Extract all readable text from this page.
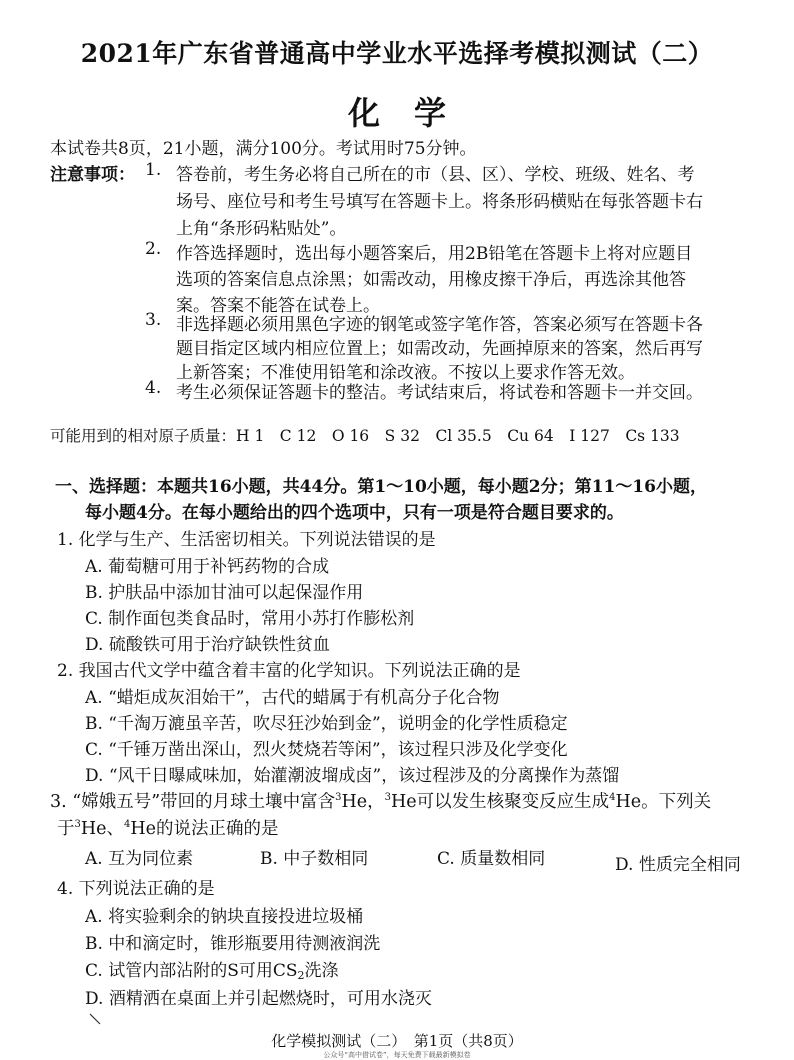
2021年广东省普通高中学业水平选择考模拟测试（二）
化学
本试卷共8页，21小题，满分100分。考试用时75分钟。
注意事项： 1. 答卷前，考生务必将自己所在的市（县、区）、学校、班级、姓名、考
场号、座位号和考生号填写在答题卡上。将条形码横贴在每张答题卡右
上角“条形码粘贴处”。
2. 作答选择题时，选出每小题答案后，用2B铅笔在答题卡上将对应题目
选项的答案信息点涂黑；如需改动，用橡皮擦干净后，再选涂其他答
案。答案不能答在试卷上。
3. 非选择题必须用黑色字迹的钢笔或签字笔作答，答案必须写在答题卡各
题目指定区域内相应位置上；如需改动，先画掉原来的答案，然后再写
上新答案；不准使用铅笔和涂改液。不按以上要求作答无效。
4. 考生必须保证答题卡的整洁。考试结束后，将试卷和答题卡一并交回。
可能用到的相对原子质量：H 1　C 12　O 16　S 32　Cl 35.5　Cu 64　I 127　Cs 133
一、选择题：本题共16小题，共44分。第1～10小题，每小题2分；第11～16小题，
每小题4分。在每小题给出的四个选项中，只有一项是符合题目要求的。
1. 化学与生产、生活密切相关。下列说法错误的是
A. 葡萄糖可用于补钙药物的合成
B. 护肤品中添加甘油可以起保湿作用
C. 制作面包类食品时，常用小苏打作膨松剂
D. 硫酸铁可用于治疗缺铁性贫血
2. 我国古代文学中蕴含着丰富的化学知识。下列说法正确的是
A. “蜡炬成灰泪始干”，古代的蜡属于有机高分子化合物
B. “千淘万漉虽辛苦，吹尽狂沙始到金”，说明金的化学性质稳定
C. “千锤万凿出深山，烈火焚烧若等闲”，该过程只涉及化学变化
D. “风干日曝咸味加，始灌潮波塯成卤”，该过程涉及的分离操作为蒸馏
3. “嫦娥五号”带回的月球土壤中富含$^3$He，$^3$He可以发生核聚变反应生成$^4$He。下列关
于$^3$He、$^4$He的说法正确的是
A. 互为同位素	B. 中子数相同	C. 质量数相同	D. 性质完全相同
4. 下列说法正确的是
A. 将实验剩余的钠块直接投进垃圾桶
B. 中和滴定时，锥形瓶要用待测液润洗
C. 试管内部沾附的S可用$CS_2$洗涤
D. 酒精洒在桌面上并引起燃烧时，可用水浇灭
化学模拟测试（二）　第1页（共8页）
公众号“高中借试卷”，每天免费下载最新模拟卷
